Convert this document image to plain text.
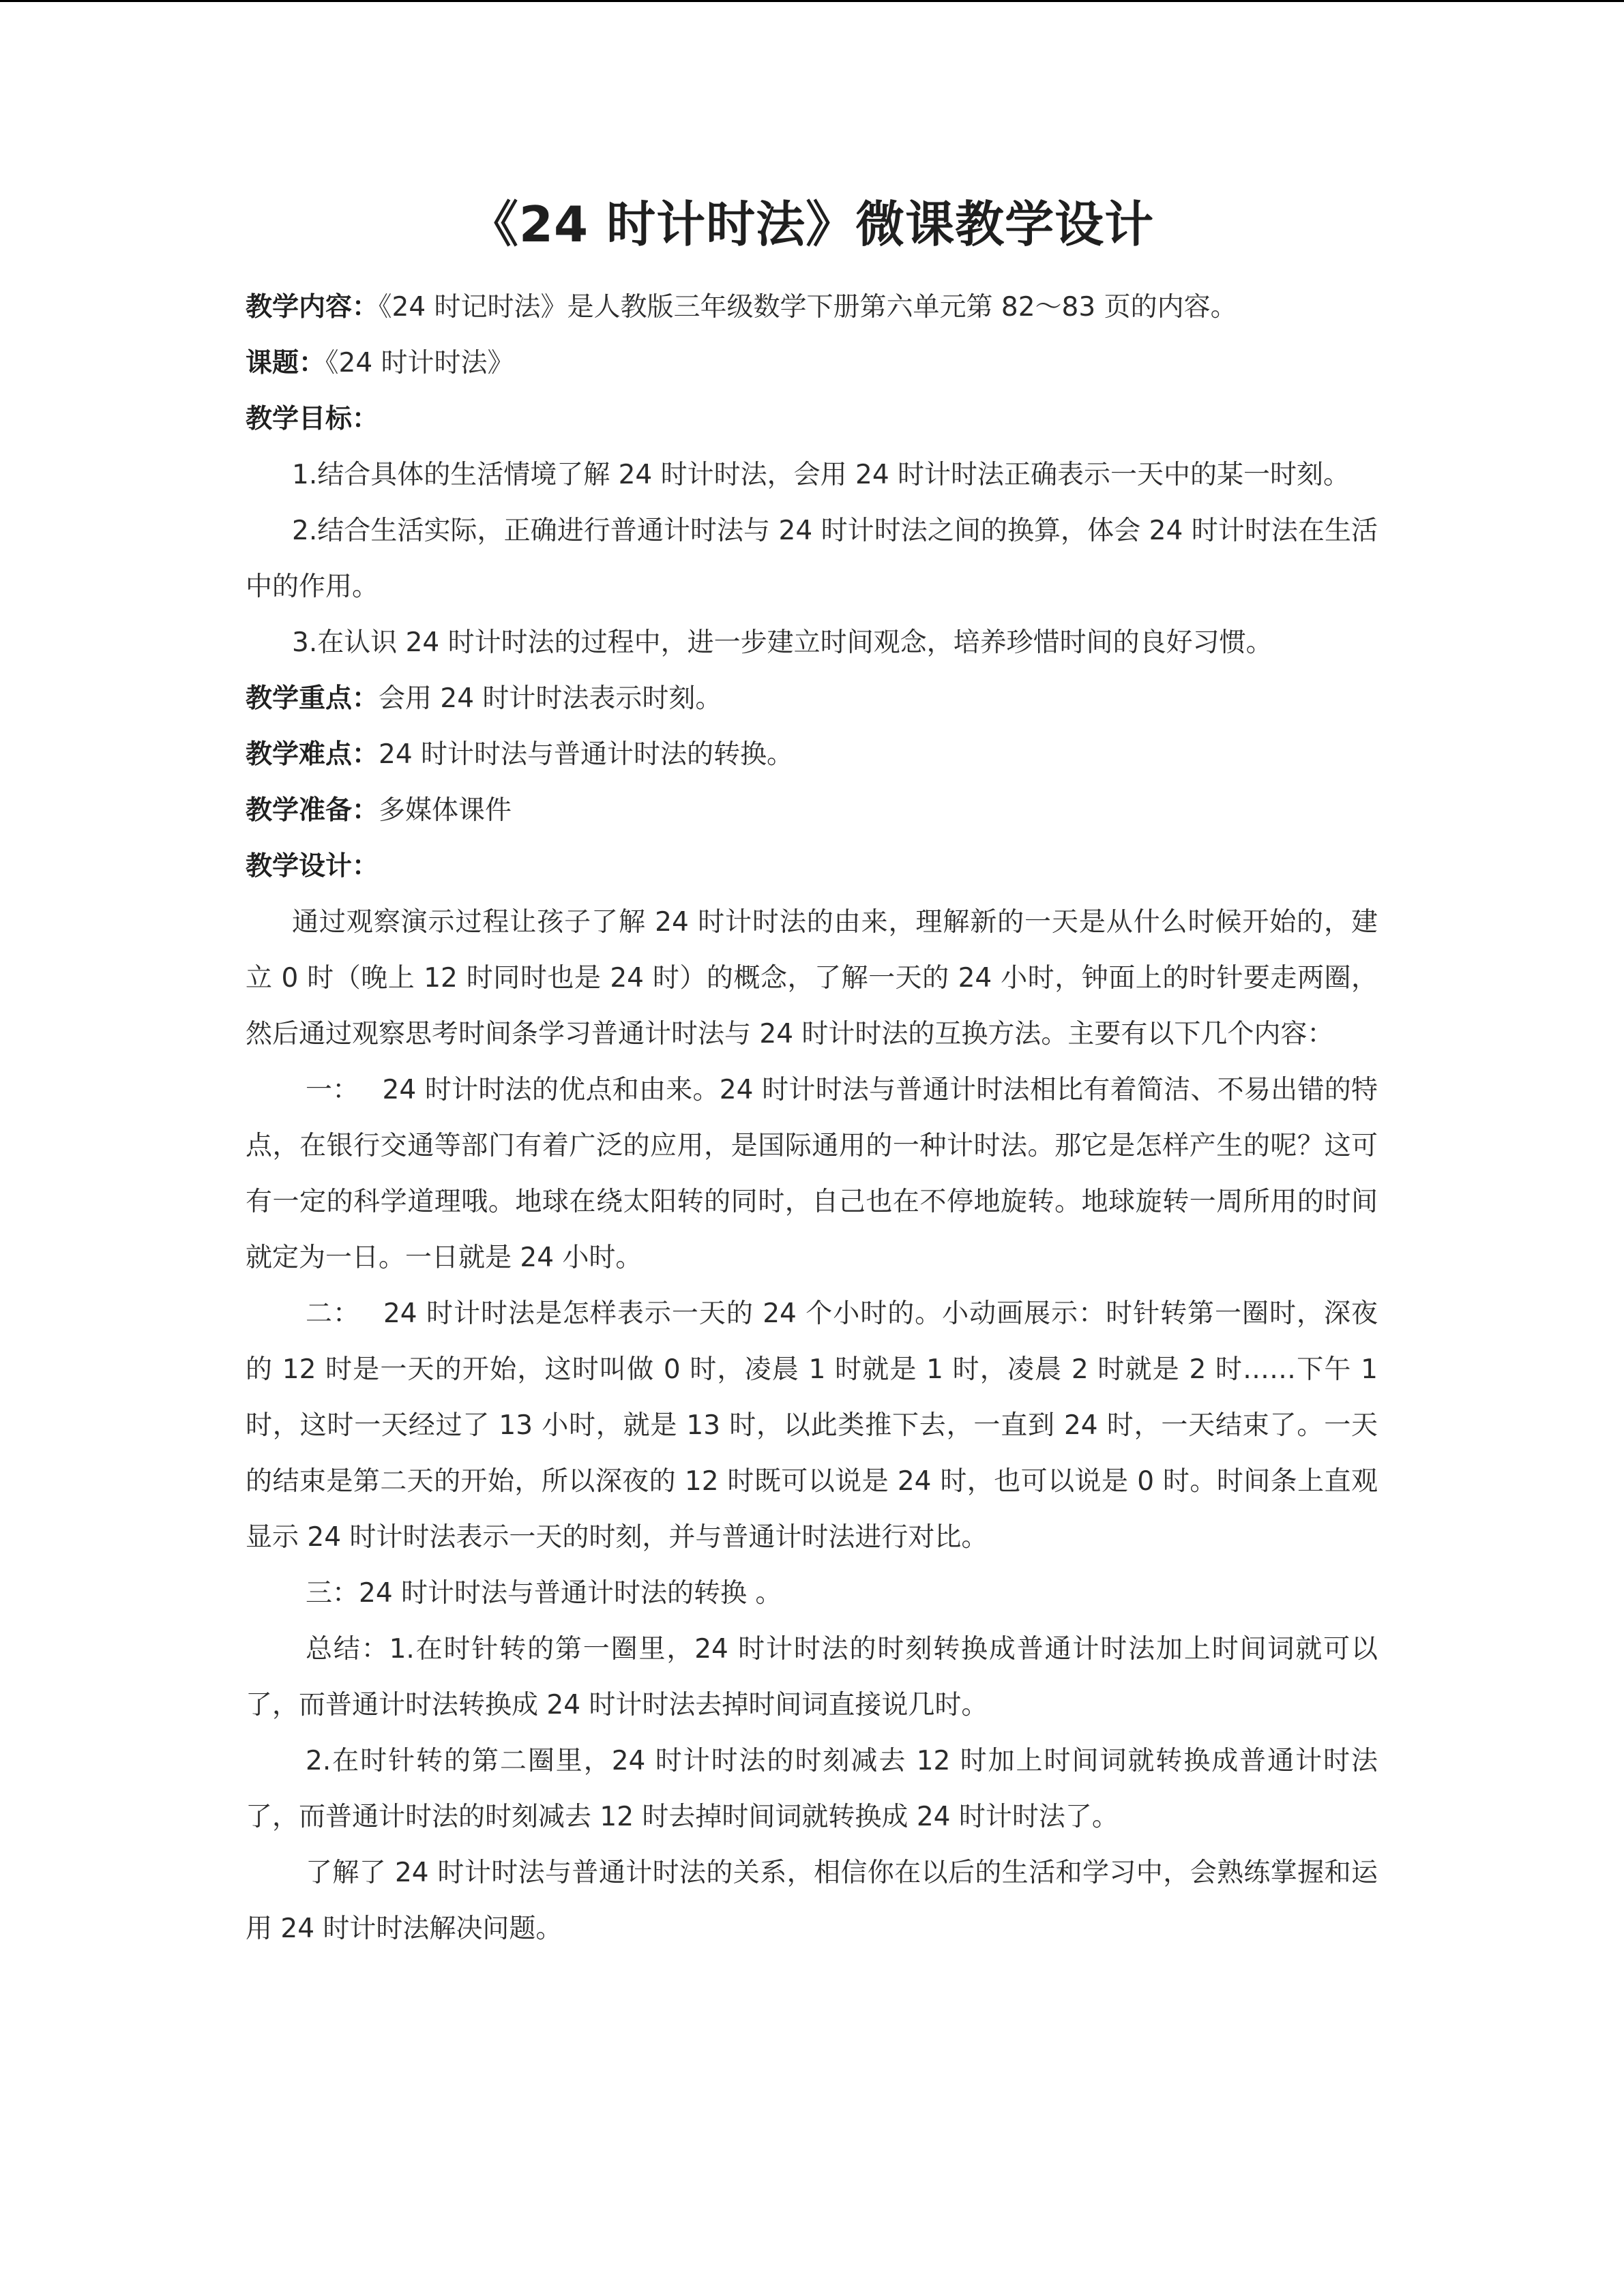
《24 时计时法》微课教学设计

教学内容：《24 时记时法》是人教版三年级数学下册第六单元第 82～83 页的内容。

课题：《24 时计时法》

教学目标：

1.结合具体的生活情境了解 24 时计时法，会用 24 时计时法正确表示一天中的某一时刻。

2.结合生活实际，正确进行普通计时法与 24 时计时法之间的换算，体会 24 时计时法在生活中的作用。

3.在认识 24 时计时法的过程中，进一步建立时间观念，培养珍惜时间的良好习惯。

教学重点：会用 24 时计时法表示时刻。

教学难点：24 时计时法与普通计时法的转换。

教学准备：多媒体课件

教学设计：

通过观察演示过程让孩子了解 24 时计时法的由来，理解新的一天是从什么时候开始的，建立 0 时（晚上 12 时同时也是 24 时）的概念，了解一天的 24 小时，钟面上的时针要走两圈，然后通过观察思考时间条学习普通计时法与 24 时计时法的互换方法。主要有以下几个内容：

一： 24 时计时法的优点和由来。24 时计时法与普通计时法相比有着简洁、不易出错的特点，在银行交通等部门有着广泛的应用，是国际通用的一种计时法。那它是怎样产生的呢？这可有一定的科学道理哦。地球在绕太阳转的同时，自己也在不停地旋转。地球旋转一周所用的时间就定为一日。一日就是 24 小时。

二： 24 时计时法是怎样表示一天的 24 个小时的。小动画展示：时针转第一圈时，深夜的 12 时是一天的开始，这时叫做 0 时，凌晨 1 时就是 1 时，凌晨 2 时就是 2 时……下午 1 时，这时一天经过了 13 小时，就是 13 时，以此类推下去，一直到 24 时，一天结束了。一天的结束是第二天的开始，所以深夜的 12 时既可以说是 24 时，也可以说是 0 时。时间条上直观显示 24 时计时法表示一天的时刻，并与普通计时法进行对比。

三：24 时计时法与普通计时法的转换 。

总结：1.在时针转的第一圈里，24 时计时法的时刻转换成普通计时法加上时间词就可以了，而普通计时法转换成 24 时计时法去掉时间词直接说几时。

2.在时针转的第二圈里，24 时计时法的时刻减去 12 时加上时间词就转换成普通计时法了，而普通计时法的时刻减去 12 时去掉时间词就转换成 24 时计时法了。

了解了 24 时计时法与普通计时法的关系，相信你在以后的生活和学习中，会熟练掌握和运用 24 时计时法解决问题。
